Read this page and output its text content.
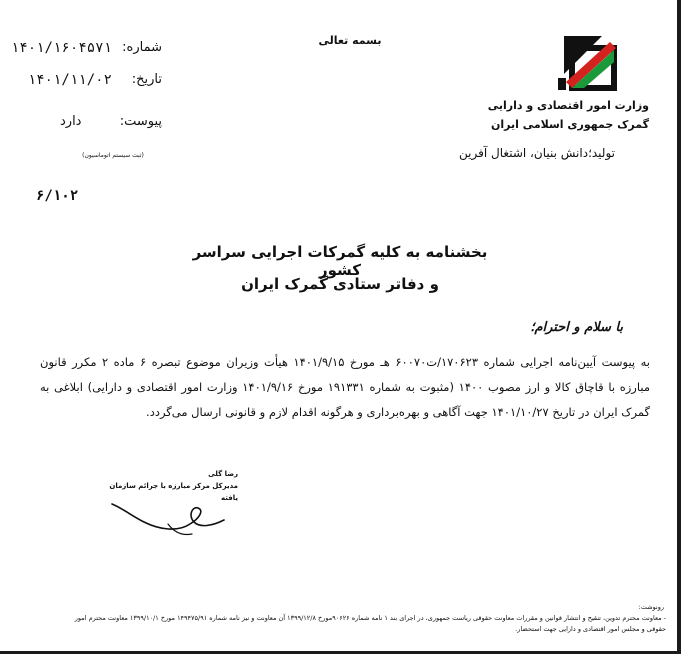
بسمه تعالی
وزارت امور اقتصادی و دارایی
گمرک جمهوری اسلامی ایران
شماره:
۱۴۰۱/۱۶۰۴۵۷۱
تاریخ:
۱۴۰۱/۱۱/۰۲
پیوست:
دارد
(ثبت سیستم اتوماسیون)	تولید؛دانش بنیان، اشتغال آفرین
۶/۱۰۲
بخشنامه به کلیه گمرکات اجرایی سراسر کشور
و دفاتر ستادی گمرک ایران
با سلام و احترام؛
به پیوست آیین‌نامه اجرایی شماره ۱۷۰۶۲۳/ت۶۰۰۷۰ هـ مورخ ۱۴۰۱/۹/۱۵ هیأت وزیران موضوع تبصره ۶ ماده ۲ مکرر قانون مبارزه با قاچاق کالا و ارز مصوب ۱۴۰۰ (مثبوت به شماره ۱۹۱۳۳۱ مورخ ۱۴۰۱/۹/۱۶ وزارت امور اقتصادی و دارایی) ابلاغی به گمرک ایران در تاریخ ۱۴۰۱/۱۰/۲۷ جهت آگاهی و بهره‌برداری و هرگونه اقدام لازم و قانونی ارسال می‌گردد.
رضا گلی
مدیرکل مرکز مبارزه با جرائم سازمان یافته
رونوشت:
- معاونت محترم تدوین، تنقیح و انتشار قوانین و مقررات معاونت حقوقی ریاست جمهوری، در اجرای بند ۱ نامه شماره ۹۰۶۲۶مورخ ۱۳۹۹/۱۲/۸ آن معاونت و نیز نامه شماره ۱۴۹۴۷۵/۹۱ مورخ ۱۳۹۹/۱۰/۱ معاونت محترم امور حقوقی و مجلس امور اقتصادی و دارایی جهت استحضار.
